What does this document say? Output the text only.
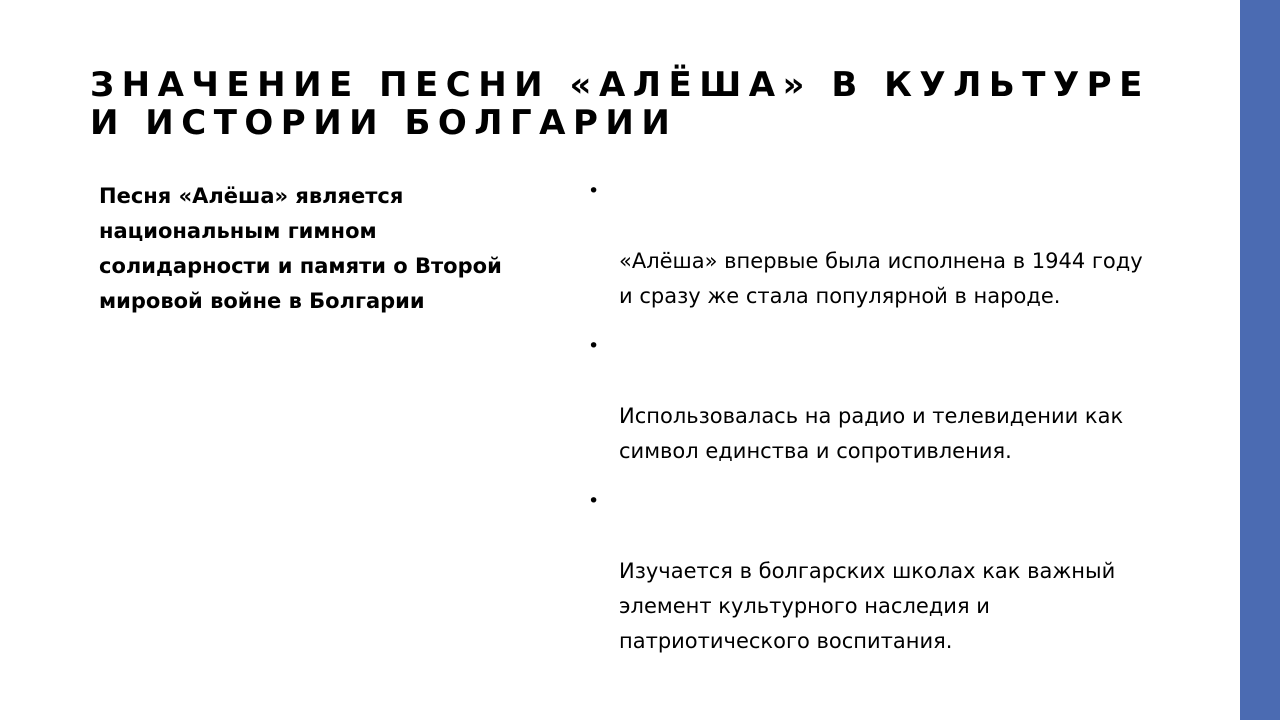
ЗНАЧЕНИЕ ПЕСНИ «АЛЁША» В КУЛЬТУРЕ
И ИСТОРИИ БОЛГАРИИ

Песня «Алёша» является
национальным гимном
солидарности и памяти о Второй
мировой войне в Болгарии

•

«Алёша» впервые была исполнена в 1944 году
и сразу же стала популярной в народе.

•

Использовалась на радио и телевидении как
символ единства и сопротивления.

•

Изучается в болгарских школах как важный
элемент культурного наследия и
патриотического воспитания.
